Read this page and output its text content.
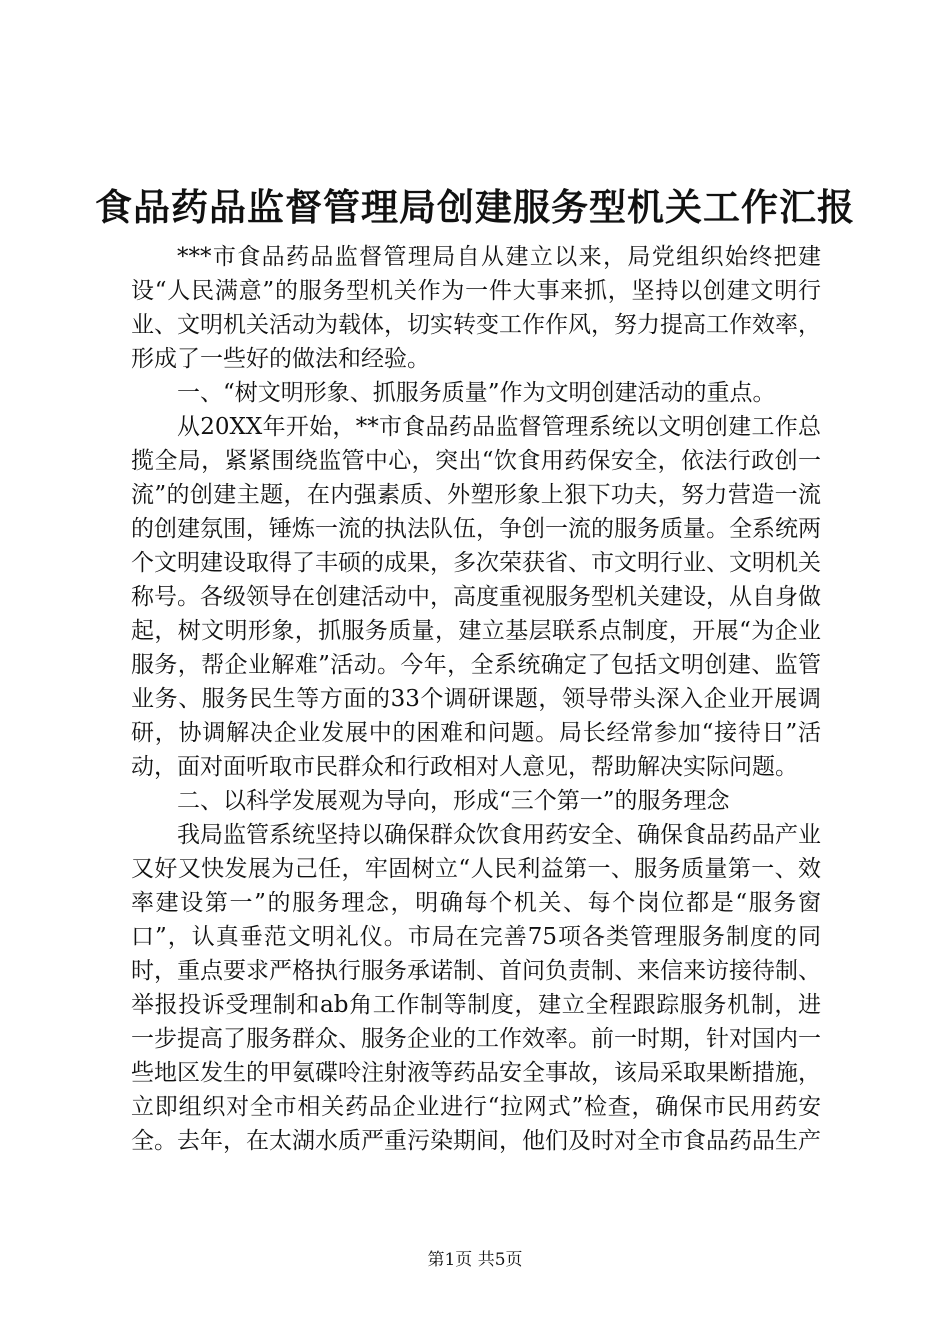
食品药品监督管理局创建服务型机关工作汇报

***市食品药品监督管理局自从建立以来，局党组织始终把建设“人民满意”的服务型机关作为一件大事来抓，坚持以创建文明行业、文明机关活动为载体，切实转变工作作风，努力提高工作效率，形成了一些好的做法和经验。

一、“树文明形象、抓服务质量”作为文明创建活动的重点。

从20XX年开始，**市食品药品监督管理系统以文明创建工作总揽全局，紧紧围绕监管中心，突出“饮食用药保安全，依法行政创一流”的创建主题，在内强素质、外塑形象上狠下功夫，努力营造一流的创建氛围，锤炼一流的执法队伍，争创一流的服务质量。全系统两个文明建设取得了丰硕的成果，多次荣获省、市文明行业、文明机关称号。各级领导在创建活动中，高度重视服务型机关建设，从自身做起，树文明形象，抓服务质量，建立基层联系点制度，开展“为企业服务，帮企业解难”活动。今年，全系统确定了包括文明创建、监管业务、服务民生等方面的33个调研课题，领导带头深入企业开展调研，协调解决企业发展中的困难和问题。局长经常参加“接待日”活动，面对面听取市民群众和行政相对人意见，帮助解决实际问题。

二、以科学发展观为导向，形成“三个第一”的服务理念

我局监管系统坚持以确保群众饮食用药安全、确保食品药品产业又好又快发展为己任，牢固树立“人民利益第一、服务质量第一、效率建设第一”的服务理念，明确每个机关、每个岗位都是“服务窗口”，认真垂范文明礼仪。市局在完善75项各类管理服务制度的同时，重点要求严格执行服务承诺制、首问负责制、来信来访接待制、举报投诉受理制和ab角工作制等制度，建立全程跟踪服务机制，进一步提高了服务群众、服务企业的工作效率。前一时期，针对国内一些地区发生的甲氨碟呤注射液等药品安全事故，该局采取果断措施，立即组织对全市相关药品企业进行“拉网式”检查，确保市民用药安全。去年，在太湖水质严重污染期间，他们及时对全市食品药品生产

第1页 共5页
